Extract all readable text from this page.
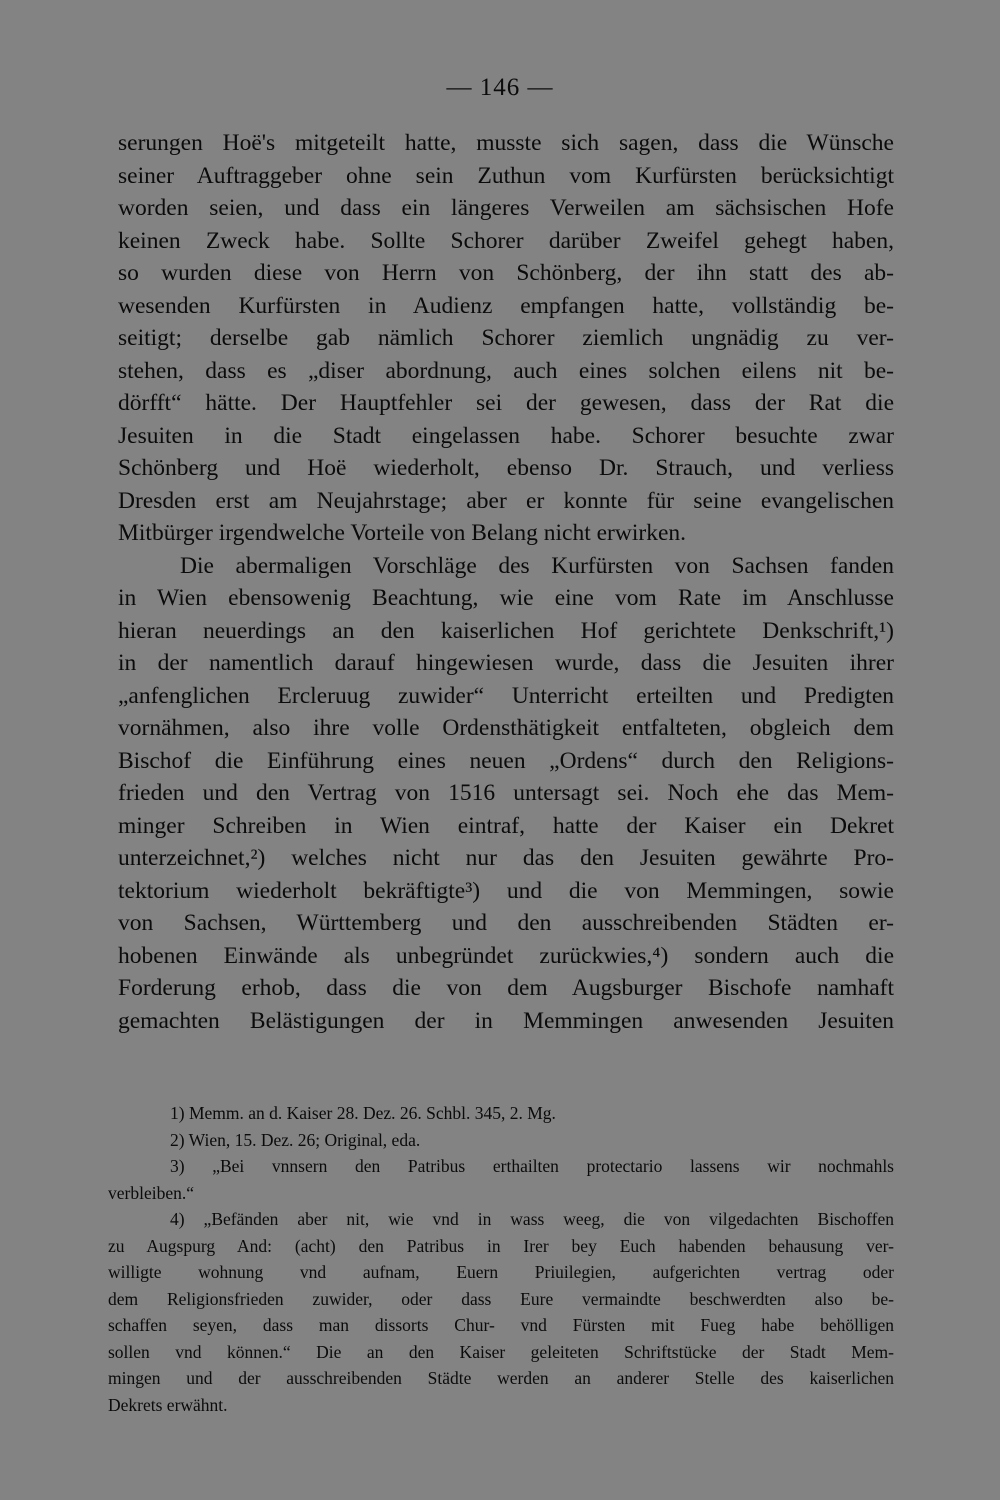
— 146 —
serungen Hoë's mitgeteilt hatte, musste sich sagen, dass die Wünsche
seiner Auftraggeber ohne sein Zuthun vom Kurfürsten berücksichtigt
worden seien, und dass ein längeres Verweilen am sächsischen Hofe
keinen Zweck habe. Sollte Schorer darüber Zweifel gehegt haben,
so wurden diese von Herrn von Schönberg, der ihn statt des ab-
wesenden Kurfürsten in Audienz empfangen hatte, vollständig be-
seitigt; derselbe gab nämlich Schorer ziemlich ungnädig zu ver-
stehen, dass es „diser abordnung, auch eines solchen eilens nit be-
dörfft“ hätte. Der Hauptfehler sei der gewesen, dass der Rat die
Jesuiten in die Stadt eingelassen habe. Schorer besuchte zwar
Schönberg und Hoë wiederholt, ebenso Dr. Strauch, und verliess
Dresden erst am Neujahrstage; aber er konnte für seine evangelischen
Mitbürger irgendwelche Vorteile von Belang nicht erwirken.
Die abermaligen Vorschläge des Kurfürsten von Sachsen fanden
in Wien ebensowenig Beachtung, wie eine vom Rate im Anschlusse
hieran neuerdings an den kaiserlichen Hof gerichtete Denkschrift,¹)
in der namentlich darauf hingewiesen wurde, dass die Jesuiten ihrer
„anfenglichen Ercleruug zuwider“ Unterricht erteilten und Predigten
vornähmen, also ihre volle Ordensthätigkeit entfalteten, obgleich dem
Bischof die Einführung eines neuen „Ordens“ durch den Religions-
frieden und den Vertrag von 1516 untersagt sei. Noch ehe das Mem-
minger Schreiben in Wien eintraf, hatte der Kaiser ein Dekret
unterzeichnet,²) welches nicht nur das den Jesuiten gewährte Pro-
tektorium wiederholt bekräftigte³) und die von Memmingen, sowie
von Sachsen, Württemberg und den ausschreibenden Städten er-
hobenen Einwände als unbegründet zurückwies,⁴) sondern auch die
Forderung erhob, dass die von dem Augsburger Bischofe namhaft
gemachten Belästigungen der in Memmingen anwesenden Jesuiten
1) Memm. an d. Kaiser 28. Dez. 26. Schbl. 345, 2. Mg.
2) Wien, 15. Dez. 26; Original, eda.
3) „Bei vnnsern den Patribus erthailten protectario lassens wir nochmahls
verbleiben.“
4) „Befänden aber nit, wie vnd in wass weeg, die von vilgedachten Bischoffen
zu Augspurg And: (acht) den Patribus in Irer bey Euch habenden behausung ver-
willigte wohnung vnd aufnam, Euern Priuilegien, aufgerichten vertrag oder
dem Religionsfrieden zuwider, oder dass Eure vermaindte beschwerdten also be-
schaffen seyen, dass man dissorts Chur- vnd Fürsten mit Fueg habe behölligen
sollen vnd können.“ Die an den Kaiser geleiteten Schriftstücke der Stadt Mem-
mingen und der ausschreibenden Städte werden an anderer Stelle des kaiserlichen
Dekrets erwähnt.
